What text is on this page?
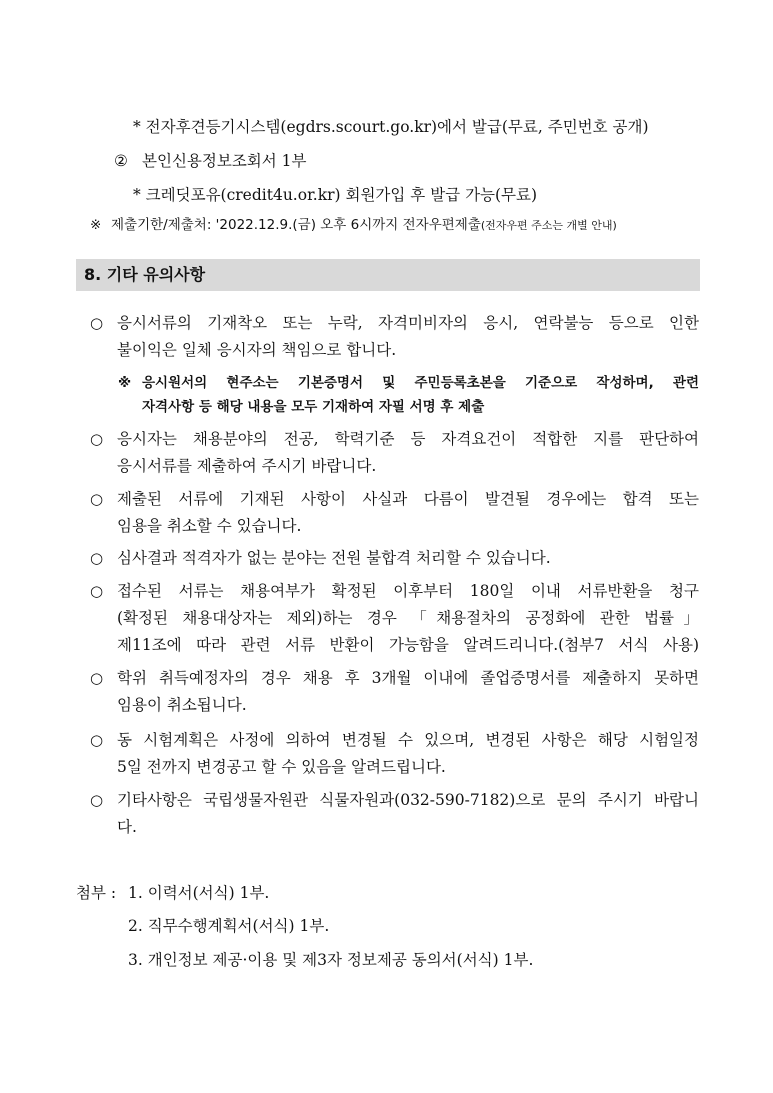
* 전자후견등기시스템(egdrs.scourt.go.kr)에서 발급(무료, 주민번호 공개)
② 본인신용정보조회서 1부
* 크레딧포유(credit4u.or.kr) 회원가입 후 발급 가능(무료)
※ 제출기한/제출처: '2022.12.9.(금) 오후 6시까지 전자우편제출(전자우편 주소는 개별 안내)
8. 기타 유의사항
○ 응시서류의 기재착오 또는 누락, 자격미비자의 응시, 연락불능 등으로 인한
불이익은 일체 응시자의 책임으로 합니다.
※ 응시원서의 현주소는 기본증명서 및 주민등록초본을 기준으로 작성하며, 관련
자격사항 등 해당 내용을 모두 기재하여 자필 서명 후 제출
○ 응시자는 채용분야의 전공, 학력기준 등 자격요건이 적합한 지를 판단하여
응시서류를 제출하여 주시기 바랍니다.
○ 제출된 서류에 기재된 사항이 사실과 다름이 발견될 경우에는 합격 또는
임용을 취소할 수 있습니다.
○ 심사결과 적격자가 없는 분야는 전원 불합격 처리할 수 있습니다.
○ 접수된 서류는 채용여부가 확정된 이후부터 180일 이내 서류반환을 청구
(확정된 채용대상자는 제외)하는 경우 「채용절차의 공정화에 관한 법률」
제11조에 따라 관련 서류 반환이 가능함을 알려드리니다.(첨부7 서식 사용)
○ 학위 취득예정자의 경우 채용 후 3개월 이내에 졸업증명서를 제출하지 못하면
임용이 취소됩니다.
○ 동 시험계획은 사정에 의하여 변경될 수 있으며, 변경된 사항은 해당 시험일정
5일 전까지 변경공고 할 수 있음을 알려드립니다.
○ 기타사항은 국립생물자원관 식물자원과(032-590-7182)으로 문의 주시기 바랍니
다.
첨부 : 1. 이력서(서식) 1부.
2. 직무수행계획서(서식) 1부.
3. 개인정보 제공·이용 및 제3자 정보제공 동의서(서식) 1부.
